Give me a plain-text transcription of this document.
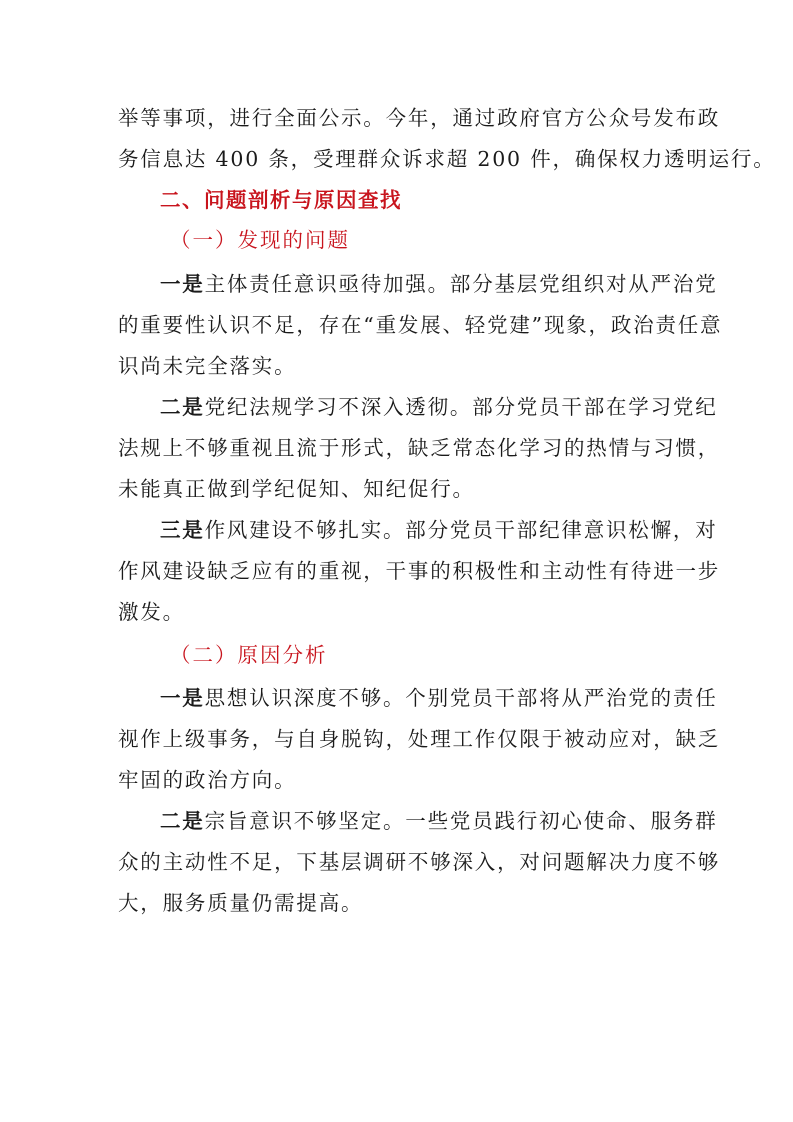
举等事项，进行全面公示。今年，通过政府官方公众号发布政
务信息达 400 条，受理群众诉求超 200 件，确保权力透明运行。
二、问题剖析与原因查找
（一）发现的问题
一是主体责任意识亟待加强。部分基层党组织对从严治党
的重要性认识不足，存在“重发展、轻党建”现象，政治责任意
识尚未完全落实。
二是党纪法规学习不深入透彻。部分党员干部在学习党纪
法规上不够重视且流于形式，缺乏常态化学习的热情与习惯，
未能真正做到学纪促知、知纪促行。
三是作风建设不够扎实。部分党员干部纪律意识松懈，对
作风建设缺乏应有的重视，干事的积极性和主动性有待进一步
激发。
（二）原因分析
一是思想认识深度不够。个别党员干部将从严治党的责任
视作上级事务，与自身脱钩，处理工作仅限于被动应对，缺乏
牢固的政治方向。
二是宗旨意识不够坚定。一些党员践行初心使命、服务群
众的主动性不足，下基层调研不够深入，对问题解决力度不够
大，服务质量仍需提高。
